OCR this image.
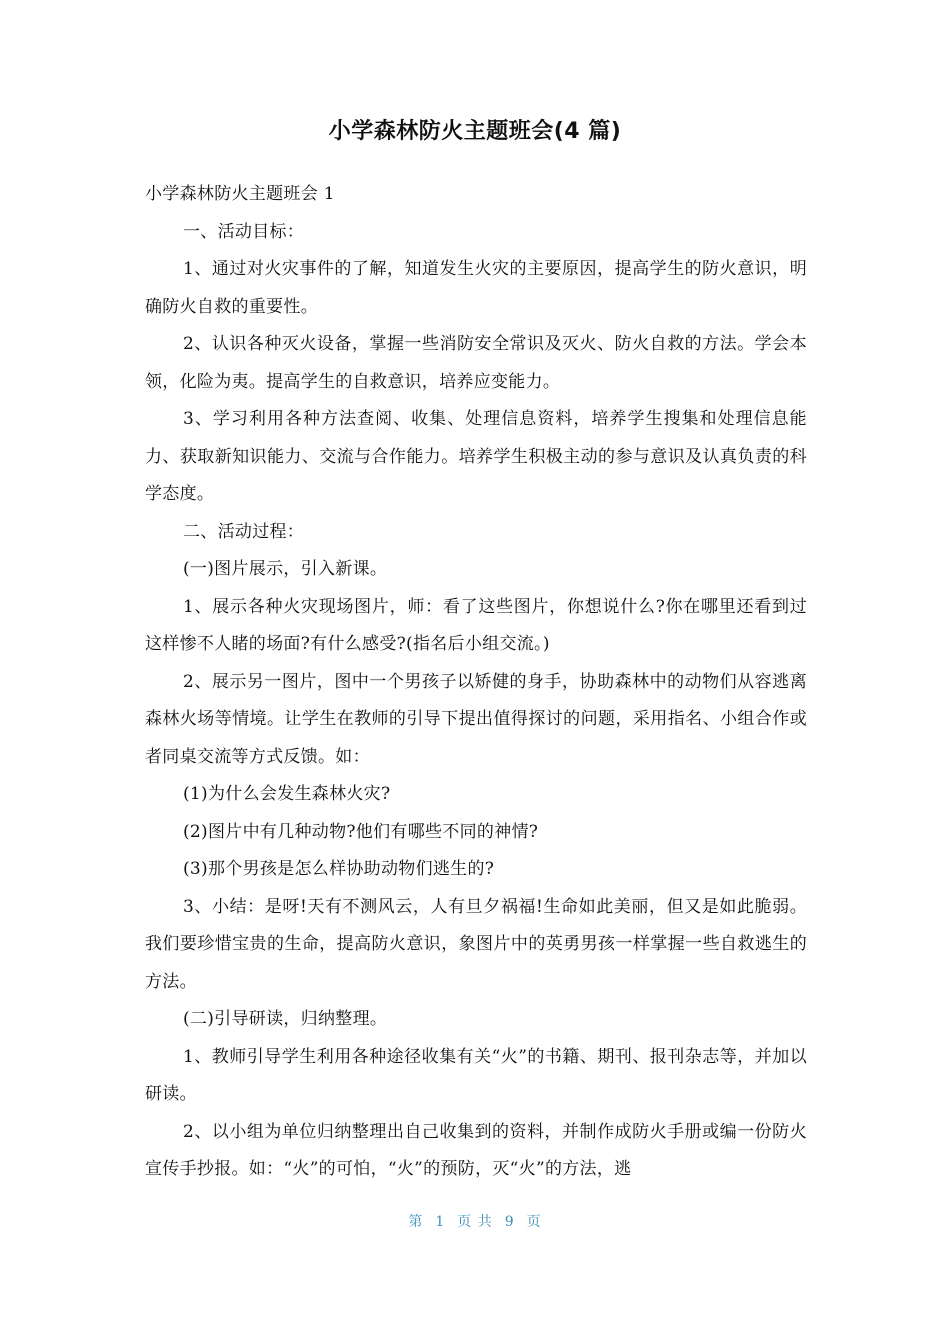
小学森林防火主题班会(4 篇)

小学森林防火主题班会 1

一、活动目标：

1、通过对火灾事件的了解，知道发生火灾的主要原因，提高学生的防火意识，明确防火自救的重要性。

2、认识各种灭火设备，掌握一些消防安全常识及灭火、防火自救的方法。学会本领，化险为夷。提高学生的自救意识，培养应变能力。

3、学习利用各种方法查阅、收集、处理信息资料，培养学生搜集和处理信息能力、获取新知识能力、交流与合作能力。培养学生积极主动的参与意识及认真负责的科学态度。

二、活动过程：

(一)图片展示，引入新课。

1、展示各种火灾现场图片，师：看了这些图片，你想说什么?你在哪里还看到过这样惨不人睹的场面?有什么感受?(指名后小组交流。)

2、展示另一图片，图中一个男孩子以矫健的身手，协助森林中的动物们从容逃离森林火场等情境。让学生在教师的引导下提出值得探讨的问题，采用指名、小组合作或者同桌交流等方式反馈。如：

(1)为什么会发生森林火灾?

(2)图片中有几种动物?他们有哪些不同的神情?

(3)那个男孩是怎么样协助动物们逃生的?

3、小结：是呀!天有不测风云，人有旦夕祸福!生命如此美丽，但又是如此脆弱。我们要珍惜宝贵的生命，提高防火意识，象图片中的英勇男孩一样掌握一些自救逃生的方法。

(二)引导研读，归纳整理。

1、教师引导学生利用各种途径收集有关“火”的书籍、期刊、报刊杂志等，并加以研读。

2、以小组为单位归纳整理出自己收集到的资料，并制作成防火手册或编一份防火宣传手抄报。如：“火”的可怕，“火”的预防，灭“火”的方法，逃

第 1 页 共 9 页
